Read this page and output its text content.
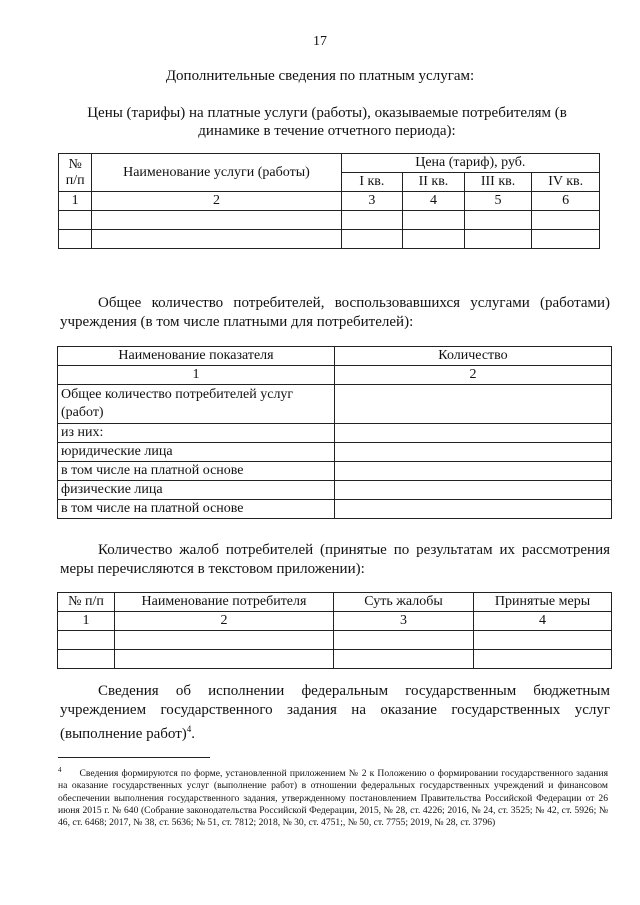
17
Дополнительные сведения по платным услугам:
Цены (тарифы) на платные услуги (работы), оказываемые потребителям (в динамике в течение отчетного периода):
№ п/п	Наименование услуги (работы)	Цена (тариф), руб.			
		I кв.	II кв.	III кв.	IV кв.
1	2	3	4	5	6

Общее количество потребителей, воспользовавшихся услугами (работами) учреждения (в том числе платными для потребителей):
Наименование показателя	Количество
1	2
Общее количество потребителей услуг (работ)	
из них:	
юридические лица	
в том числе на платной основе	
физические лица	
в том числе на платной основе	
Количество жалоб потребителей (принятые по результатам их рассмотрения меры перечисляются в текстовом приложении):
№ п/п	Наименование потребителя	Суть жалобы	Принятые меры
1	2	3	4

Сведения об исполнении федеральным государственным бюджетным учреждением государственного задания на оказание государственных услуг (выполнение работ)$^4$.
$^4$ Сведения формируются по форме, установленной приложением № 2 к Положению о формировании государственного задания на оказание государственных услуг (выполнение работ) в отношении федеральных государственных учреждений и финансовом обеспечении выполнения государственного задания, утвержденному постановлением Правительства Российской Федерации от 26 июня 2015 г. № 640 (Собрание законодательства Российской Федерации, 2015, № 28, ст. 4226; 2016, № 24, ст. 3525; № 42, ст. 5926; № 46, ст. 6468; 2017, № 38, ст. 5636; № 51, ст. 7812; 2018, № 30, ст. 4751;, № 50, ст. 7755; 2019, № 28, ст. 3796)
